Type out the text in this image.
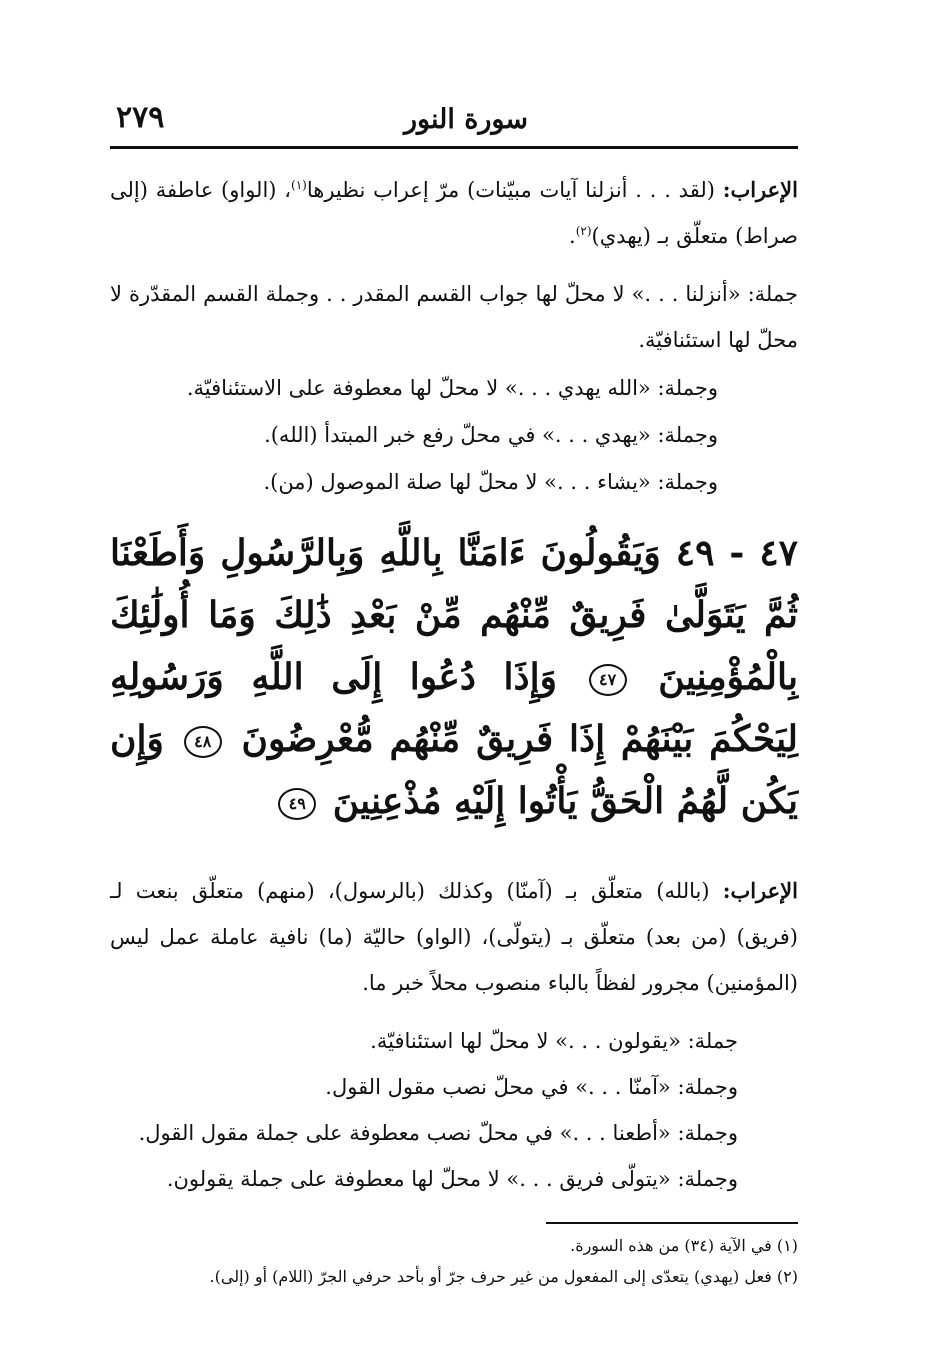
سورة النور
٢٧٩

الإعراب: (لقد . . . أنزلنا آيات مبيّنات) مرّ إعراب نظيرها$^{(١)}$، (الواو) عاطفة (إلى صراط) متعلّق بـ (يهدي)$^{(٢)}$.

جملة: «أنزلنا . . .» لا محلّ لها جواب القسم المقدر . . وجملة القسم المقدّرة لا محلّ لها استئنافيّة.

وجملة: «الله يهدي . . .» لا محلّ لها معطوفة على الاستئنافيّة.
وجملة: «يهدي . . .» في محلّ رفع خبر المبتدأ (الله).
وجملة: «يشاء . . .» لا محلّ لها صلة الموصول (من).

٤٧ - ٤٩ وَيَقُولُونَ ءَامَنَّا بِاللَّهِ وَبِالرَّسُولِ وَأَطَعْنَا ثُمَّ يَتَوَلَّىٰ فَرِيقٌ مِّنْهُم مِّنْ بَعْدِ ذَٰلِكَ وَمَا أُولَٰئِكَ بِالْمُؤْمِنِينَ ٤٧ وَإِذَا دُعُوا إِلَى اللَّهِ وَرَسُولِهِ لِيَحْكُمَ بَيْنَهُمْ إِذَا فَرِيقٌ مِّنْهُم مُّعْرِضُونَ ٤٨ وَإِن يَكُن لَّهُمُ الْحَقُّ يَأْتُوا إِلَيْهِ مُذْعِنِينَ ٤٩

الإعراب: (بالله) متعلّق بـ (آمنّا) وكذلك (بالرسول)، (منهم) متعلّق بنعت لـ (فريق) (من بعد) متعلّق بـ (يتولّى)، (الواو) حاليّة (ما) نافية عاملة عمل ليس (المؤمنين) مجرور لفظاً بالباء منصوب محلاً خبر ما.

جملة: «يقولون . . .» لا محلّ لها استئنافيّة.
وجملة: «آمنّا . . .» في محلّ نصب مقول القول.
وجملة: «أطعنا . . .» في محلّ نصب معطوفة على جملة مقول القول.
وجملة: «يتولّى فريق . . .» لا محلّ لها معطوفة على جملة يقولون.
(١) في الآية (٣٤) من هذه السورة.
(٢) فعل (يهدي) يتعدّى إلى المفعول من غير حرف جرّ أو بأحد حرفي الجرّ (اللام) أو (إلى).
